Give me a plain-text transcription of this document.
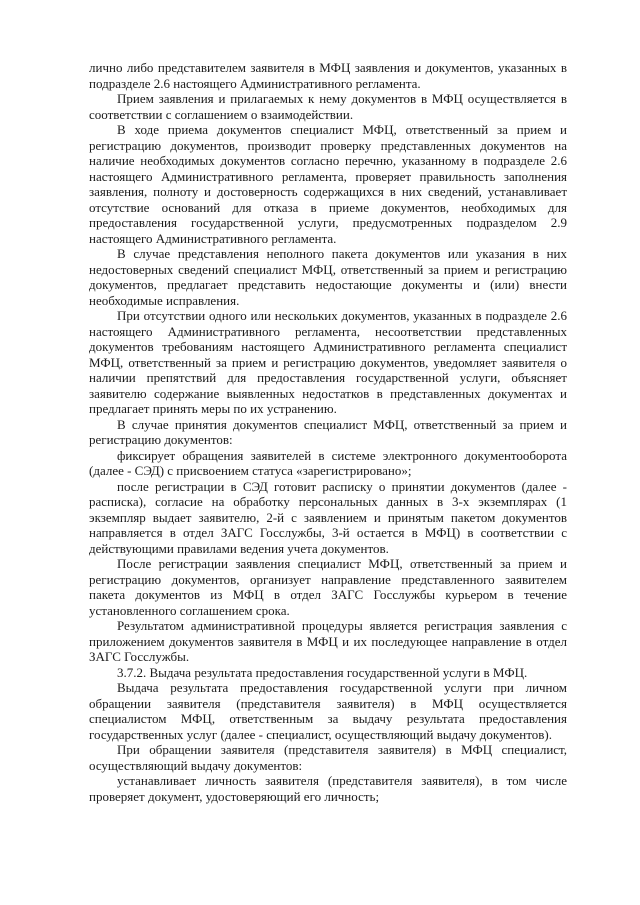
лично либо представителем заявителя в МФЦ заявления и документов, указанных в подразделе 2.6 настоящего Административного регламента.

Прием заявления и прилагаемых к нему документов в МФЦ осуществляется в соответствии с соглашением о взаимодействии.

В ходе приема документов специалист МФЦ, ответственный за прием и регистрацию документов, производит проверку представленных документов на наличие необходимых документов согласно перечню, указанному в подразделе 2.6 настоящего Административного регламента, проверяет правильность заполнения заявления, полноту и достоверность содержащихся в них сведений, устанавливает отсутствие оснований для отказа в приеме документов, необходимых для предоставления государственной услуги, предусмотренных подразделом 2.9 настоящего Административного регламента.

В случае представления неполного пакета документов или указания в них недостоверных сведений специалист МФЦ, ответственный за прием и регистрацию документов, предлагает представить недостающие документы и (или) внести необходимые исправления.

При отсутствии одного или нескольких документов, указанных в подразделе 2.6 настоящего Административного регламента, несоответствии представленных документов требованиям настоящего Административного регламента специалист МФЦ, ответственный за прием и регистрацию документов, уведомляет заявителя о наличии препятствий для предоставления государственной услуги, объясняет заявителю содержание выявленных недостатков в представленных документах и предлагает принять меры по их устранению.

В случае принятия документов специалист МФЦ, ответственный за прием и регистрацию документов:

фиксирует обращения заявителей в системе электронного документооборота (далее - СЭД) с присвоением статуса «зарегистрировано»;

после регистрации в СЭД готовит расписку о принятии документов (далее - расписка), согласие на обработку персональных данных в 3-х экземплярах (1 экземпляр выдает заявителю, 2-й с заявлением и принятым пакетом документов направляется в отдел ЗАГС Госслужбы, 3-й остается в МФЦ) в соответствии с действующими правилами ведения учета документов.

После регистрации заявления специалист МФЦ, ответственный за прием и регистрацию документов, организует направление представленного заявителем пакета документов из МФЦ в отдел ЗАГС Госслужбы курьером в течение установленного соглашением срока.

Результатом административной процедуры является регистрация заявления с приложением документов заявителя в МФЦ и их последующее направление в отдел ЗАГС Госслужбы.

3.7.2. Выдача результата предоставления государственной услуги в МФЦ.

Выдача результата предоставления государственной услуги при личном обращении заявителя (представителя заявителя) в МФЦ осуществляется специалистом МФЦ, ответственным за выдачу результата предоставления государственных услуг (далее - специалист, осуществляющий выдачу документов).

При обращении заявителя (представителя заявителя) в МФЦ специалист, осуществляющий выдачу документов:

устанавливает личность заявителя (представителя заявителя), в том числе проверяет документ, удостоверяющий его личность;
